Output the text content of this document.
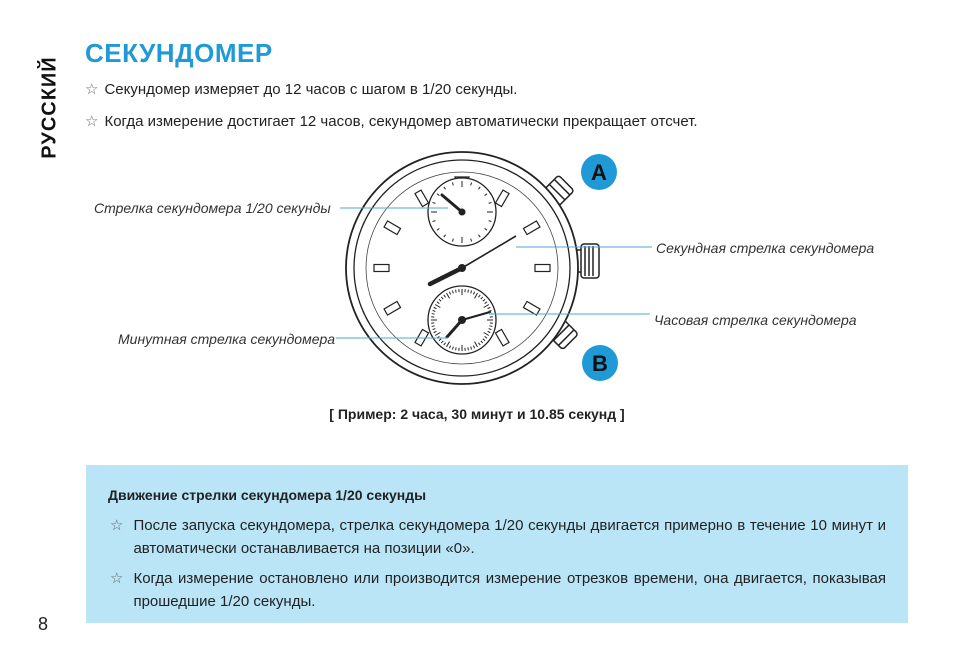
РУССКИЙ
СЕКУНДОМЕР
☆ Секундомер измеряет до 12 часов с шагом в 1/20 секунды.
☆ Когда измерение достигает 12 часов, секундомер автоматически прекращает отсчет.
A
B
Стрелка секундомера 1/20 секунды
Секундная стрелка секундомера
Часовая стрелка секундомера
Минутная стрелка секундомера
[ Пример: 2 часа, 30 минут и 10.85 секунд ]
Движение стрелки секундомера 1/20 секунды
☆ После запуска секундомера, стрелка секундомера 1/20 секунды двигается примерно в течение 10 минут и автоматически останавливается на позиции «0».
☆ Когда измерение остановлено или производится измерение отрезков времени, она двигается, показывая прошедшие 1/20 секунды.
8
